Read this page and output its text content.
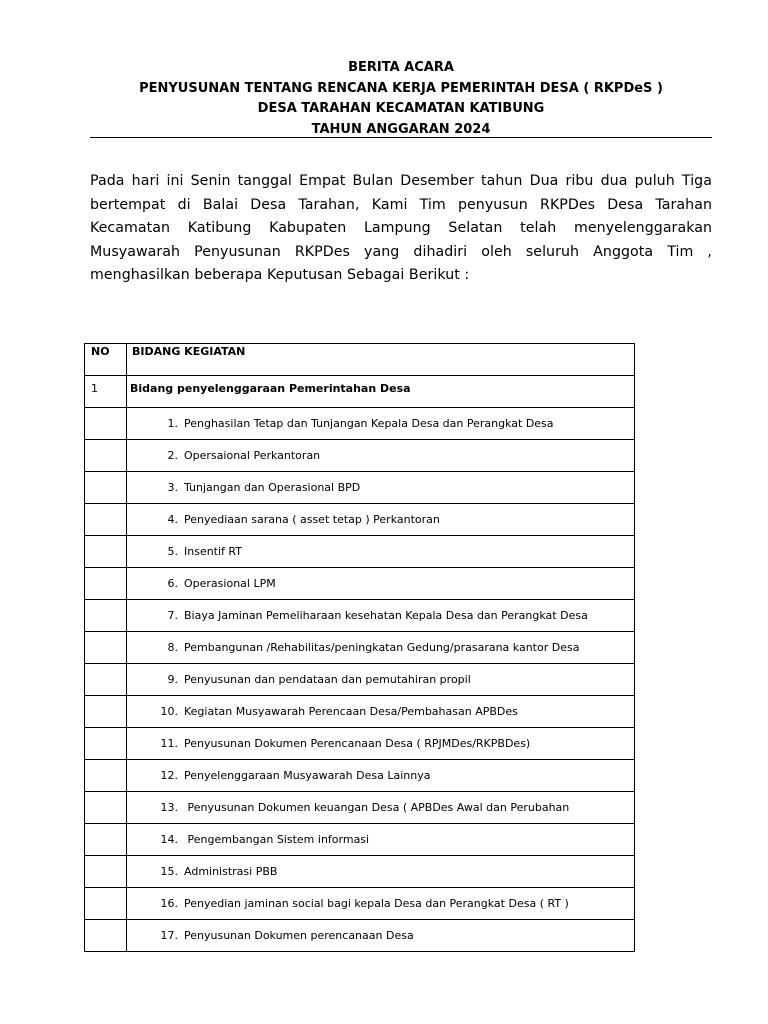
BERITA ACARA
PENYUSUNAN TENTANG RENCANA KERJA PEMERINTAH DESA ( RKPDeS )
DESA TARAHAN KECAMATAN KATIBUNG
TAHUN ANGGARAN 2024
Pada hari ini Senin tanggal Empat Bulan Desember tahun Dua ribu dua puluh Tiga bertempat di Balai Desa Tarahan, Kami Tim penyusun RKPDes Desa Tarahan Kecamatan Katibung Kabupaten Lampung Selatan telah menyelenggarakan Musyawarah Penyusunan RKPDes yang dihadiri oleh seluruh Anggota Tim , menghasilkan beberapa Keputusan Sebagai Berikut :
NO	BIDANG KEGIATAN

1	Bidang penyelenggaraan Pemerintahan Desa

	1. Penghasilan Tetap dan Tunjangan Kepala Desa dan Perangkat Desa

	2. Opersaional Perkantoran

	3. Tunjangan dan Operasional BPD

	4. Penyediaan sarana ( asset tetap ) Perkantoran

	5. Insentif RT

	6. Operasional LPM

	7. Biaya Jaminan Pemeliharaan kesehatan Kepala Desa dan Perangkat Desa

	8. Pembangunan /Rehabilitas/peningkatan Gedung/prasarana kantor Desa

	9. Penyusunan dan pendataan dan pemutahiran propil

	10. Kegiatan Musyawarah Perencaan Desa/Pembahasan APBDes

	11. Penyusunan Dokumen Perencanaan Desa ( RPJMDes/RKPBDes)

	12. Penyelenggaraan Musyawarah Desa Lainnya

	13. Penyusunan Dokumen keuangan Desa ( APBDes Awal dan Perubahan

	14. Pengembangan Sistem informasi

	15. Administrasi PBB

	16. Penyedian jaminan social bagi kepala Desa dan Perangkat Desa ( RT )

	17. Penyusunan Dokumen perencanaan Desa
